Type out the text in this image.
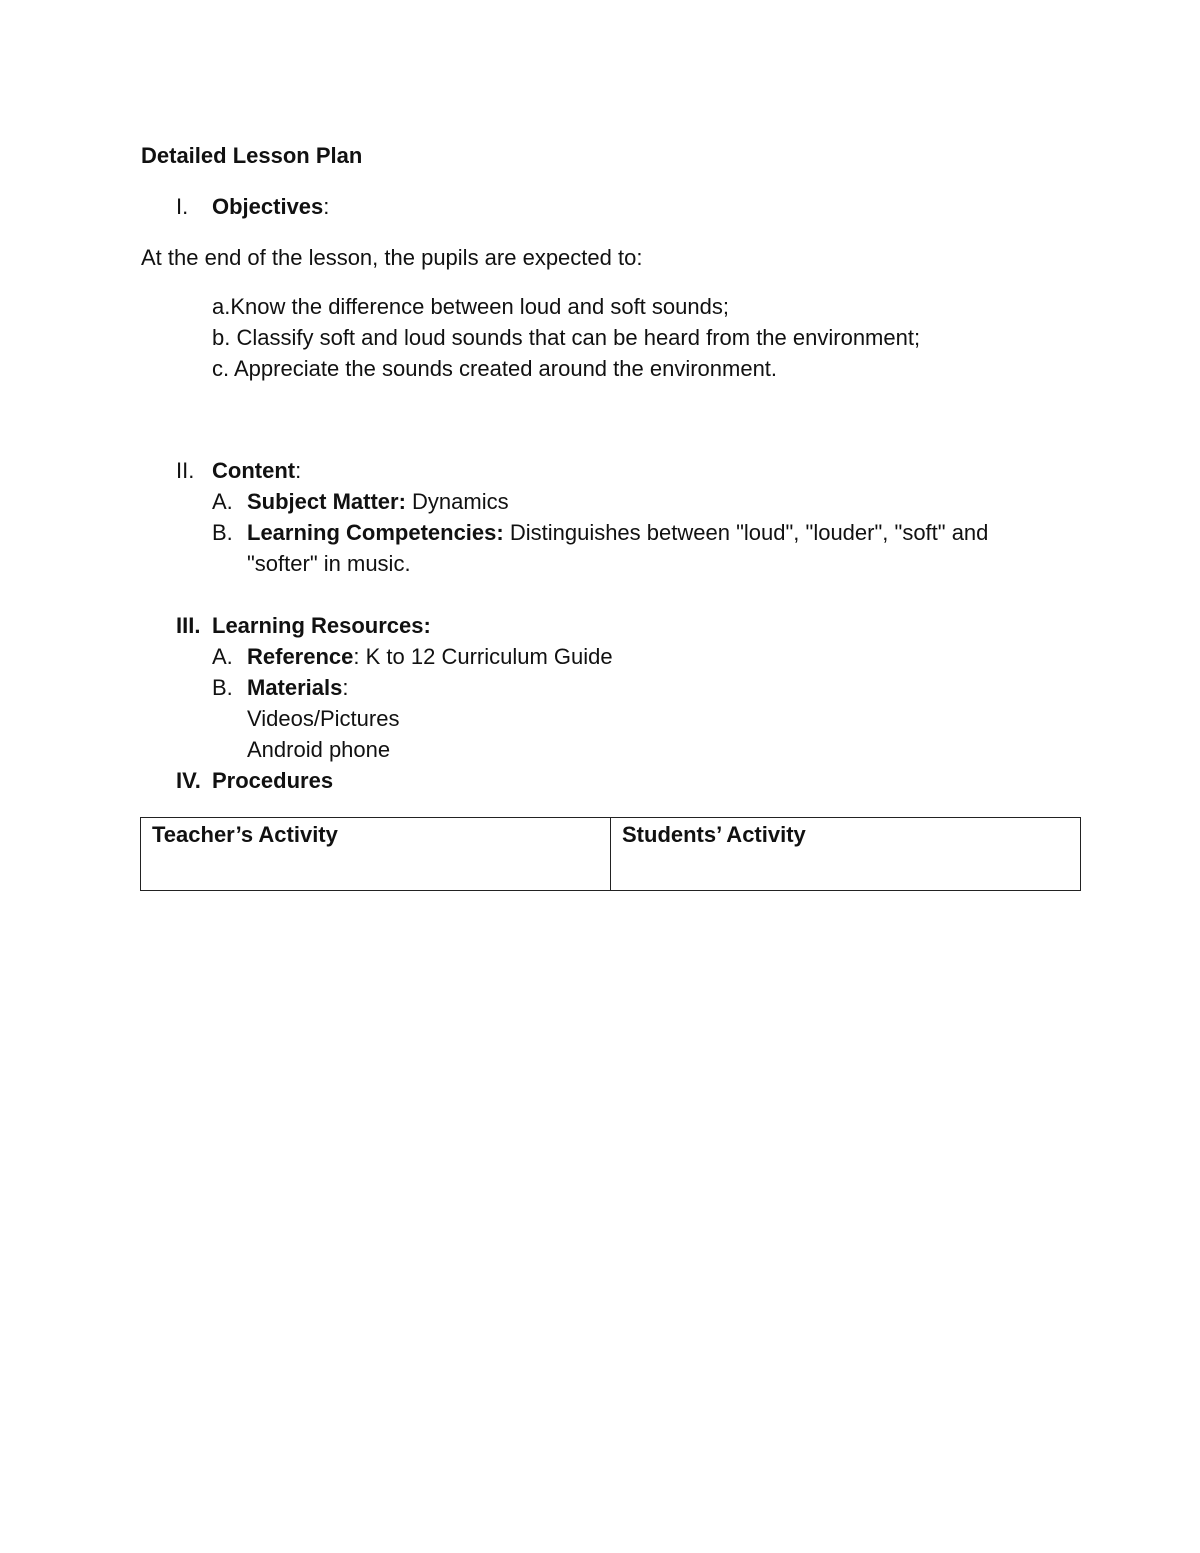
Detailed Lesson Plan
I. Objectives:
At the end of the lesson, the pupils are expected to:
a.Know the difference between loud and soft sounds;
b. Classify soft and loud sounds that can be heard from the environment;
c. Appreciate the sounds created around the environment.
II. Content:
A. Subject Matter: Dynamics
B. Learning Competencies: Distinguishes between "loud", "louder", "soft" and
"softer" in music.
III. Learning Resources:
A. Reference: K to 12 Curriculum Guide
B. Materials:
Videos/Pictures
Android phone
IV. Procedures
Teacher’s Activity	Students’ Activity
